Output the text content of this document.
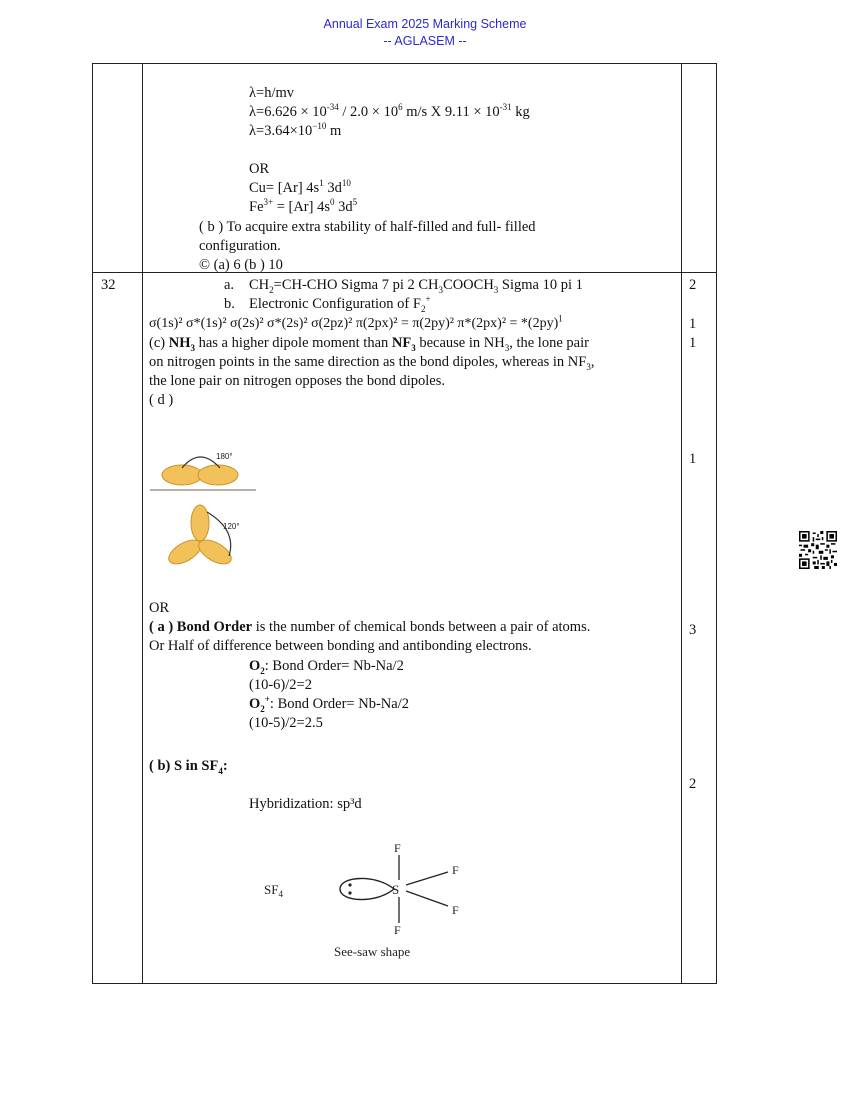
Annual Exam 2025 Marking Scheme
-- AGLASEM --
λ=h/mv
$\lambda=6.626 \times 10^{-34} / 2.0 \times 10^6$ m/s X $9.11 \times 10^{-31}$ kg
$\lambda=3.64\times 10^{-10}$ m
OR
Cu= [Ar] $4s^1$ $3d^{10}$
$Fe^{3+} = [Ar]$ $4s^0$ $3d^5$
( b ) To acquire extra stability of half-filled and full- filled
configuration.
© (a) 6 (b ) 10
32	a. $CH_2=CH$-CHO Sigma 7 pi 2 $CH_3COOCH_3$ Sigma 10 pi 1
b. Electronic Configuration of $F_2^+$
σ(1s)² σ*(1s)² σ(2s)² σ*(2s)² σ(2pz)² π(2px)² = π(2py)² $\pi*(2px)^2 = *(2py)^1$
(c) $NH_3$ has a higher dipole moment than $NF_3$ because in $NH_3$, the lone pair
on nitrogen points in the same direction as the bond dipoles, whereas in $NF_3$,
the lone pair on nitrogen opposes the bond dipoles.
( d )
180°
120°
OR
( a ) Bond Order is the number of chemical bonds between a pair of atoms.
Or Half of difference between bonding and antibonding electrons.
$O_2$: Bond Order= Nb-Na/2
(10-6)/2=2
$O_2^+$: Bond Order= Nb-Na/2
(10-5)/2=2.5
( b) S in $SF_4$:
Hybridization: sp³d
$SF_4$	S
F
F
F
F
See-saw shape
2
1
1
1
3
2
